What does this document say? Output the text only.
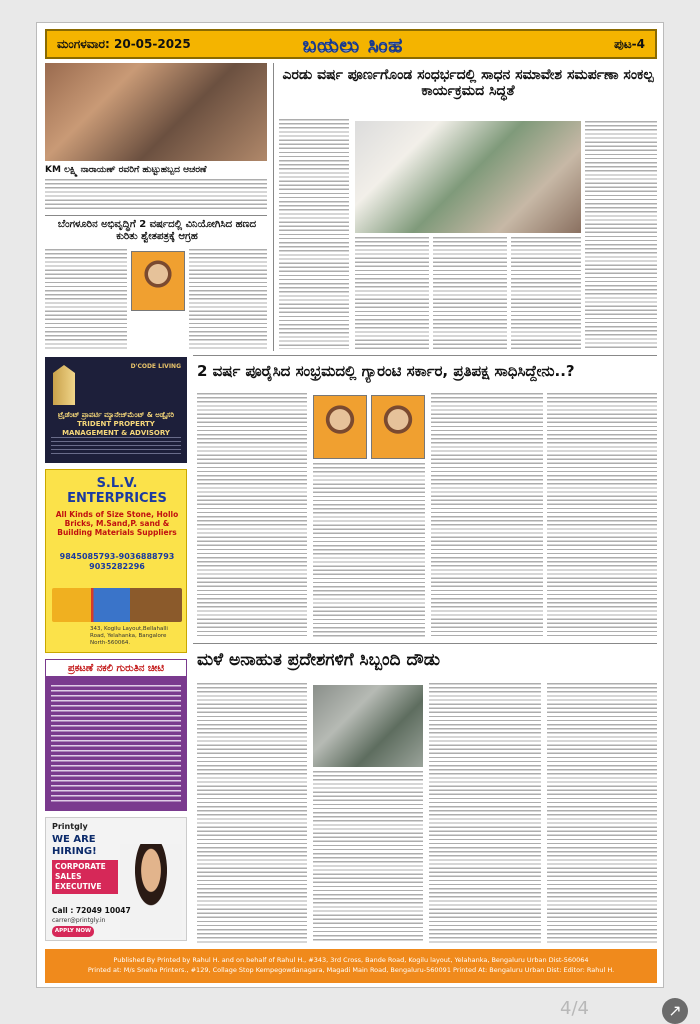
ಮಂಗಳವಾರ: 20-05-2025	ಬಯಲು ಸಿಂಹ	ಪುಟ-4
KM ಲಕ್ಷ್ಮಿ ನಾರಾಯಣ್ ರವರಿಗೆ ಹುಟ್ಟುಹಬ್ಬದ ಆಚರಣೆ
ಬೆಂಗಳೂರಿನ ಅಭಿವೃದ್ಧಿಗೆ 2 ವರ್ಷದಲ್ಲಿ ವಿನಿಯೋಗಿಸಿದ ಹಣದ ಕುರಿತು ಶ್ವೇತಪತ್ರಕ್ಕೆ ಆಗ್ರಹ
ಎರಡು ವರ್ಷ ಪೂರ್ಣಗೊಂಡ ಸಂಧರ್ಭದಲ್ಲಿ ಸಾಧನ ಸಮಾವೇಶ ಸಮರ್ಪಣಾ ಸಂಕಲ್ಪ ಕಾರ್ಯಕ್ರಮದ ಸಿದ್ಧತೆ
D'CODE LIVING
ಟ್ರೈಡೆಂಟ್ ಪ್ರಾಪರ್ಟಿ ಮ್ಯಾನೇಜ್‌ಮೆಂಟ್ & ಅಡ್ವೈಸರಿ
TRIDENT PROPERTY MANAGEMENT & ADVISORY
S.L.V. ENTERPRICES
All Kinds of Size Stone, Hollo Bricks, M.Sand,P. sand & Building Materials Suppliers
9845085793-9036888793
9035282296
343, Kogilu Layout,Bellahalli Road, Yelahanka, Bangalore North-560064.
ಪ್ರಕಟಣೆ ನಕಲಿ ಗುರುತಿನ ಚೀಟಿ
Printgly
WE ARE
HIRING!
CORPORATE SALES EXECUTIVE
Call : 72049 10047
carrer@printgly.in
APPLY NOW
2 ವರ್ಷ ಪೂರೈಸಿದ ಸಂಭ್ರಮದಲ್ಲಿ ಗ್ಯಾರಂಟಿ ಸರ್ಕಾರ, ಪ್ರತಿಪಕ್ಷ ಸಾಧಿಸಿದ್ದೇನು..?
ಮಳೆ ಅನಾಹುತ ಪ್ರದೇಶಗಳಿಗೆ ಸಿಬ್ಬಂದಿ ದೌಡು
Published By Printed by Rahul H. and on behalf of Rahul H., #343, 3rd Cross, Bande Road, Kogilu layout, Yelahanka, Bengaluru Urban Dist-560064
Printed at: M/s Sneha Printers., #129, Collage Stop Kempegowdanagara, Magadi Main Road, Bengaluru-560091 Printed At: Bengaluru Urban Dist: Editor: Rahul H.
4/4	↗
